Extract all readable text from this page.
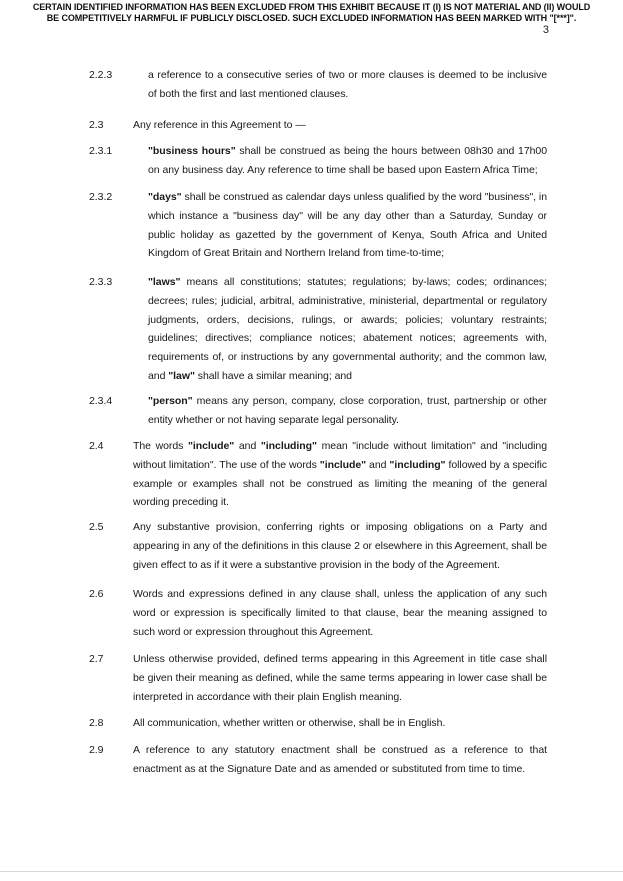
CERTAIN IDENTIFIED INFORMATION HAS BEEN EXCLUDED FROM THIS EXHIBIT BECAUSE IT (I) IS NOT MATERIAL AND (II) WOULD
BE COMPETITIVELY HARMFUL IF PUBLICLY DISCLOSED. SUCH EXCLUDED INFORMATION HAS BEEN MARKED WITH "[***]".
3
2.2.3	a reference to a consecutive series of two or more clauses is deemed to be inclusive of both the first and last mentioned clauses.
2.3	Any reference in this Agreement to —
2.3.1	"business hours" shall be construed as being the hours between 08h30 and 17h00 on any business day. Any reference to time shall be based upon Eastern Africa Time;
2.3.2	"days" shall be construed as calendar days unless qualified by the word "business", in which instance a "business day" will be any day other than a Saturday, Sunday or public holiday as gazetted by the government of Kenya, South Africa and United Kingdom of Great Britain and Northern Ireland from time-to-time;
2.3.3	"laws" means all constitutions; statutes; regulations; by-laws; codes; ordinances; decrees; rules; judicial, arbitral, administrative, ministerial, departmental or regulatory judgments, orders, decisions, rulings, or awards; policies; voluntary restraints; guidelines; directives; compliance notices; abatement notices; agreements with, requirements of, or instructions by any governmental authority; and the common law, and "law" shall have a similar meaning; and
2.3.4	"person" means any person, company, close corporation, trust, partnership or other entity whether or not having separate legal personality.
2.4	The words "include" and "including" mean "include without limitation" and "including without limitation". The use of the words "include" and "including" followed by a specific example or examples shall not be construed as limiting the meaning of the general wording preceding it.
2.5	Any substantive provision, conferring rights or imposing obligations on a Party and appearing in any of the definitions in this clause 2 or elsewhere in this Agreement, shall be given effect to as if it were a substantive provision in the body of the Agreement.
2.6	Words and expressions defined in any clause shall, unless the application of any such word or expression is specifically limited to that clause, bear the meaning assigned to such word or expression throughout this Agreement.
2.7	Unless otherwise provided, defined terms appearing in this Agreement in title case shall be given their meaning as defined, while the same terms appearing in lower case shall be interpreted in accordance with their plain English meaning.
2.8	All communication, whether written or otherwise, shall be in English.
2.9	A reference to any statutory enactment shall be construed as a reference to that enactment as at the Signature Date and as amended or substituted from time to time.
